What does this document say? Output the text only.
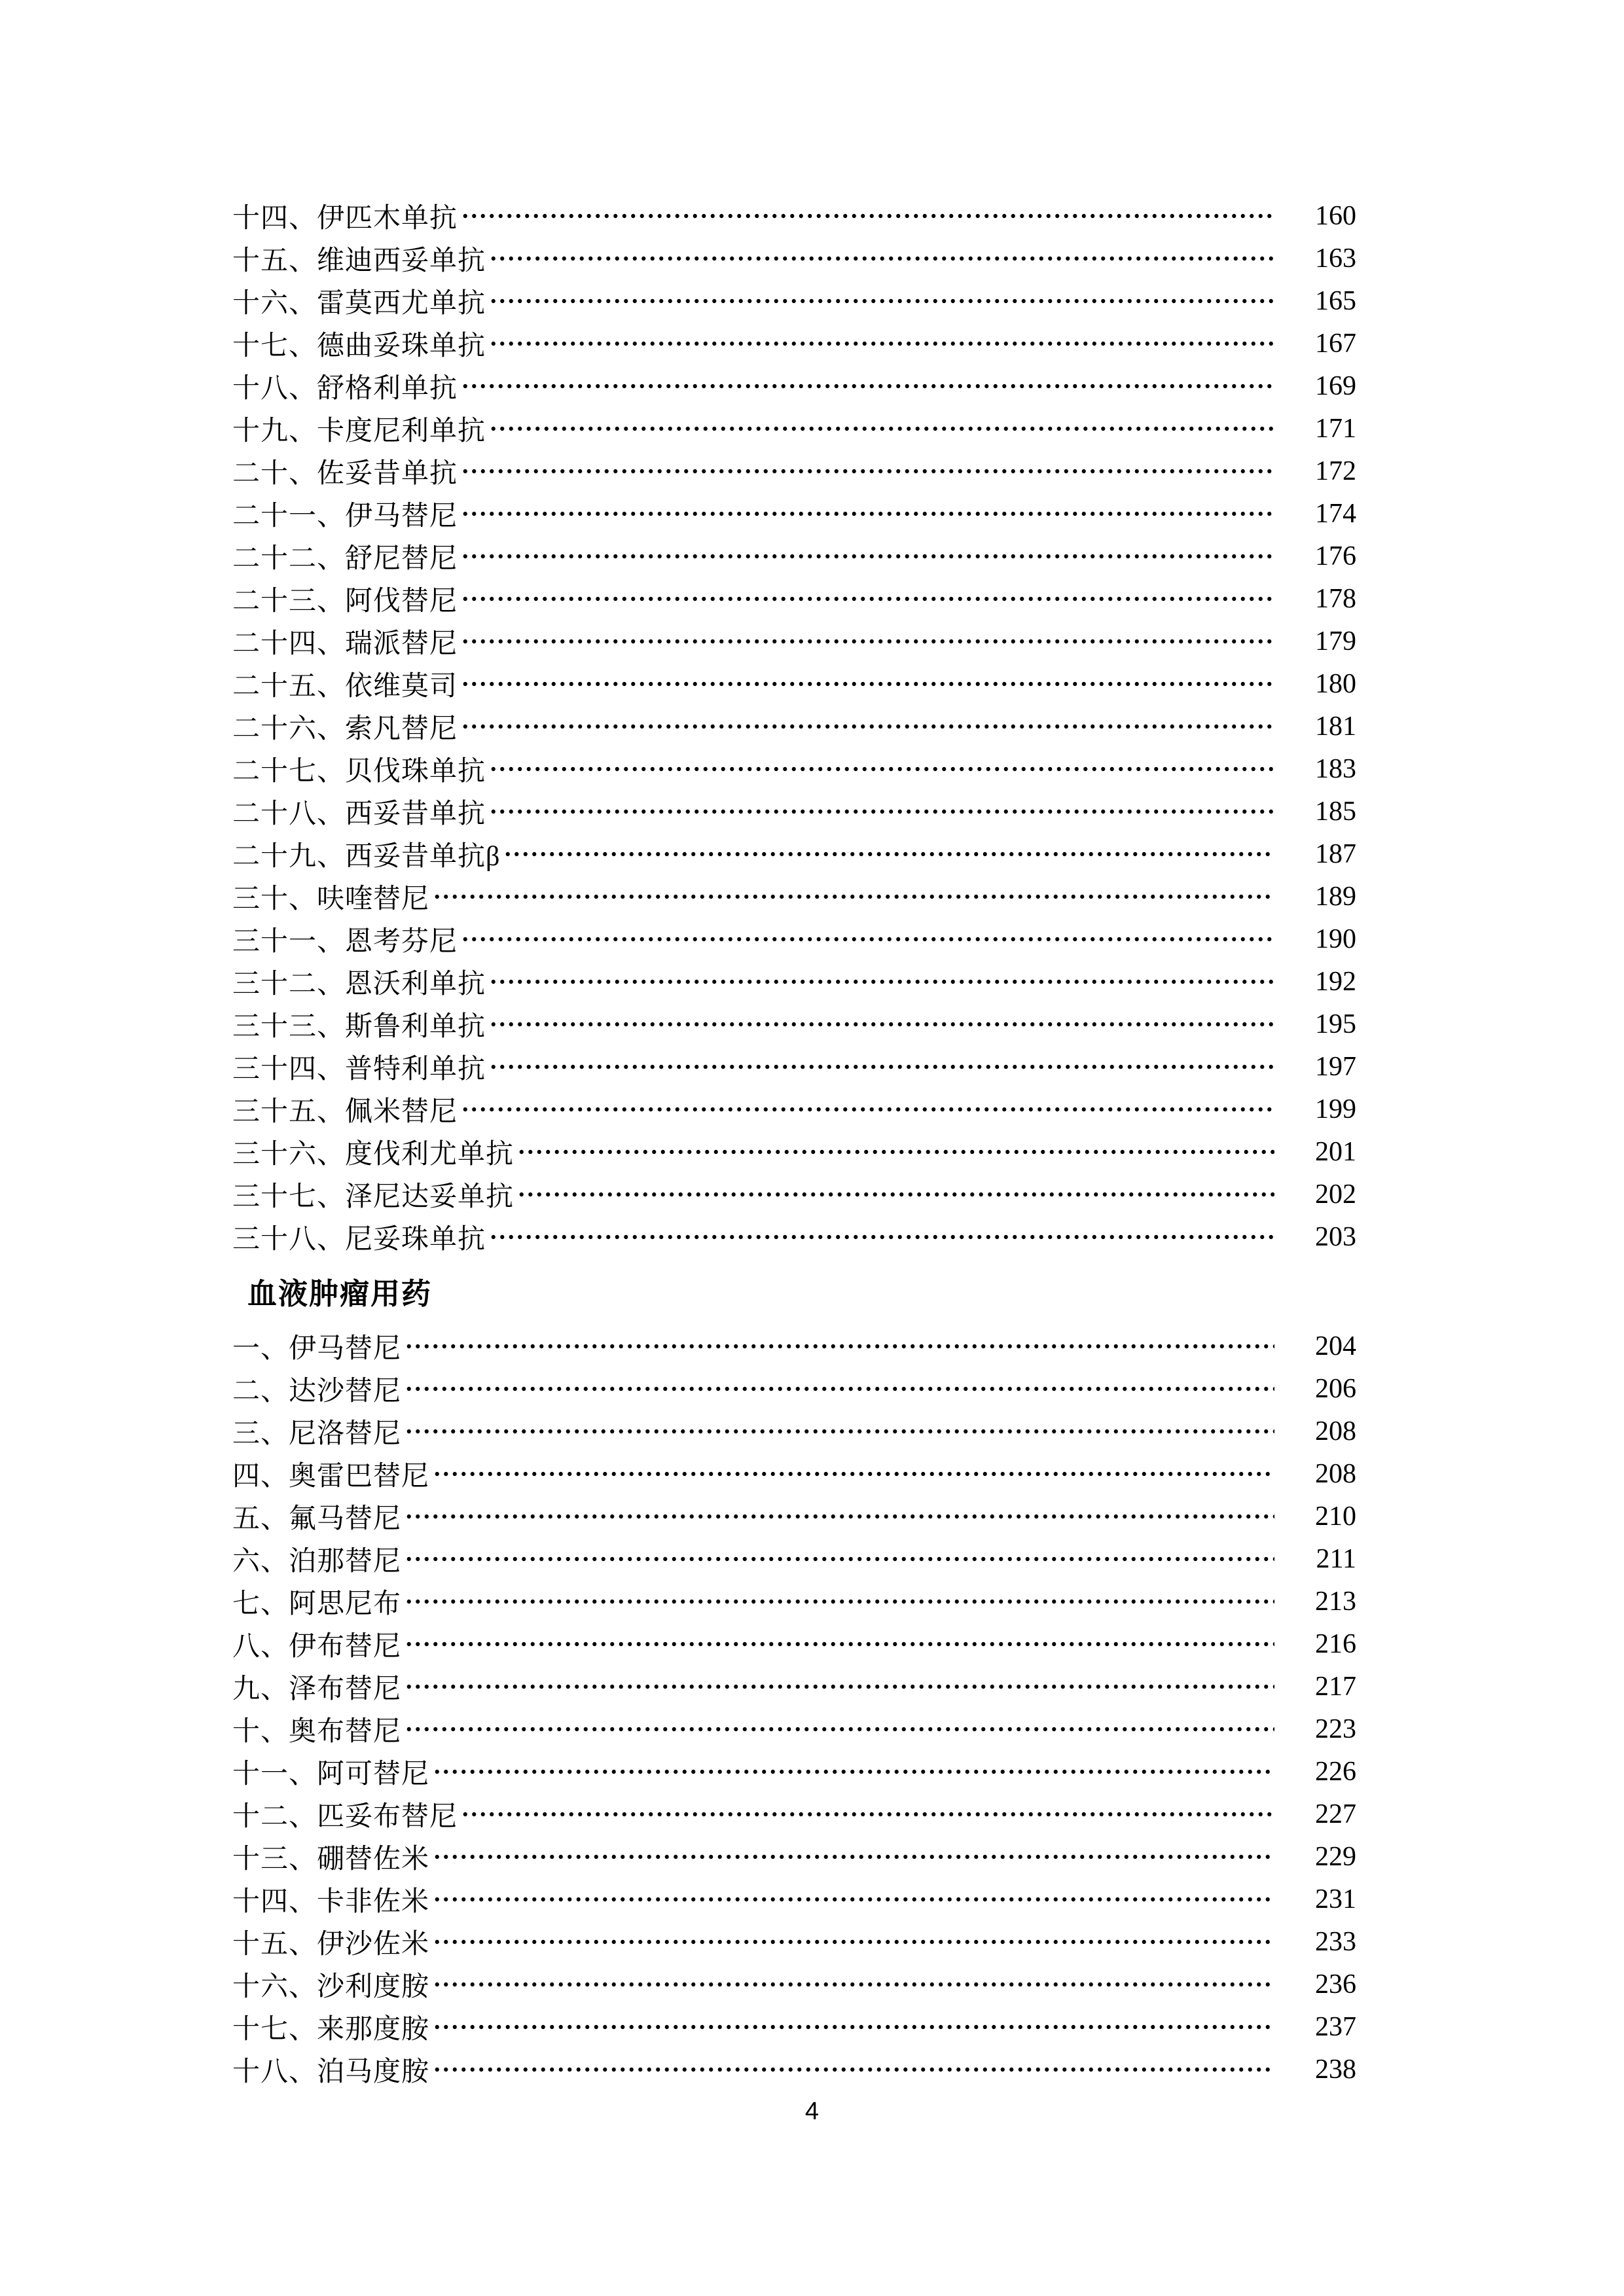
十四、伊匹木单抗	160
十五、维迪西妥单抗	163
十六、雷莫西尤单抗	165
十七、德曲妥珠单抗	167
十八、舒格利单抗	169
十九、卡度尼利单抗	171
二十、佐妥昔单抗	172
二十一、伊马替尼	174
二十二、舒尼替尼	176
二十三、阿伐替尼	178
二十四、瑞派替尼	179
二十五、依维莫司	180
二十六、索凡替尼	181
二十七、贝伐珠单抗	183
二十八、西妥昔单抗	185
二十九、西妥昔单抗β	187
三十、呋喹替尼	189
三十一、恩考芬尼	190
三十二、恩沃利单抗	192
三十三、斯鲁利单抗	195
三十四、普特利单抗	197
三十五、佩米替尼	199
三十六、度伐利尤单抗	201
三十七、泽尼达妥单抗	202
三十八、尼妥珠单抗	203
血液肿瘤用药
一、伊马替尼	204
二、达沙替尼	206
三、尼洛替尼	208
四、奥雷巴替尼	208
五、氟马替尼	210
六、泊那替尼	211
七、阿思尼布	213
八、伊布替尼	216
九、泽布替尼	217
十、奥布替尼	223
十一、阿可替尼	226
十二、匹妥布替尼	227
十三、硼替佐米	229
十四、卡非佐米	231
十五、伊沙佐米	233
十六、沙利度胺	236
十七、来那度胺	237
十八、泊马度胺	238
4
